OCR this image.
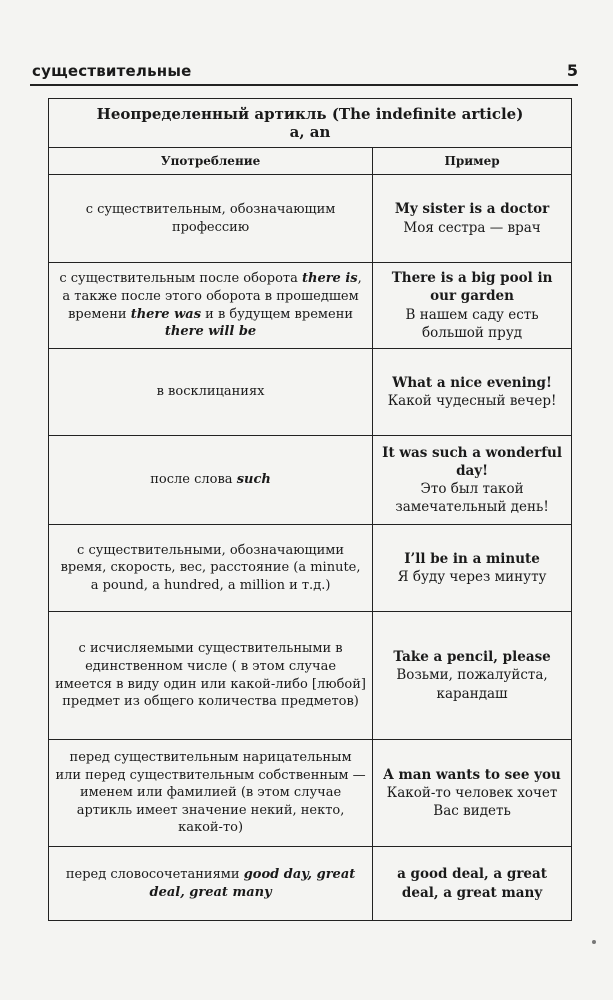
существительные	5
Неопределенный артикль (The indefinite article)
a, an	
Употребление	Пример
с существительным, обозначающим профессию	My sister is a doctor
Моя сестра — врач

с существительным после оборота there is, а также после этого оборота в прошедшем времени there was и в будущем времени there will be	There is a big pool in our garden
В нашем саду есть большой пруд

в восклицаниях	What a nice evening!
Какой чудесный вечер!

после слова such	It was such a wonderful day!
Это был такой замечательный день!

с существительными, обозначающими время, скорость, вес, расстояние (a minute, a pound, a hundred, a million и т.д.)	I’ll be in a minute
Я буду через минуту

с исчисляемыми существительными в единственном числе ( в этом случае имеется в виду один или какой-либо [любой] предмет из общего количества предметов)	Take a pencil, please
Возьми, пожалуйста, карандаш

перед существительным нарицательным или перед существительным собственным — именем или фамилией (в этом случае артикль имеет значение некий, некто, какой-то)	A man wants to see you
Какой-то человек хочет Вас видеть

перед словосочетаниями good day, great deal, great many	a good deal, a great deal, a great many
